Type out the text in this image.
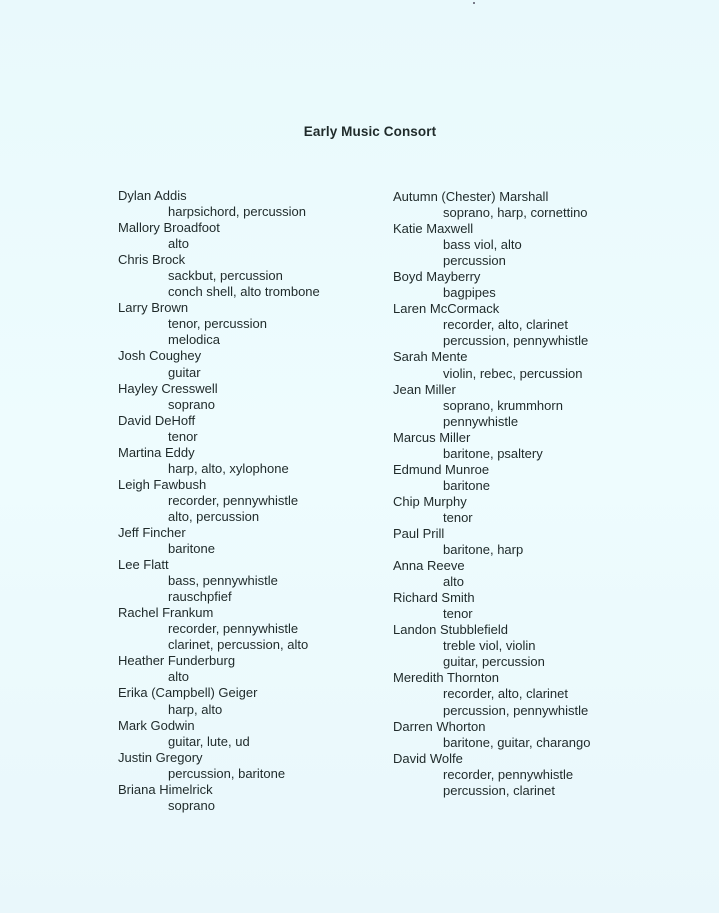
Early Music Consort
Dylan Addis
harpsichord, percussion
Mallory Broadfoot
alto
Chris Brock
sackbut, percussion
conch shell, alto trombone
Larry Brown
tenor, percussion
melodica
Josh Coughey
guitar
Hayley Cresswell
soprano
David DeHoff
tenor
Martina Eddy
harp, alto, xylophone
Leigh Fawbush
recorder, pennywhistle
alto, percussion
Jeff Fincher
baritone
Lee Flatt
bass, pennywhistle
rauschpfief
Rachel Frankum
recorder, pennywhistle
clarinet, percussion, alto
Heather Funderburg
alto
Erika (Campbell) Geiger
harp, alto
Mark Godwin
guitar, lute, ud
Justin Gregory
percussion, baritone
Briana Himelrick
soprano
Autumn (Chester) Marshall
soprano, harp, cornettino
Katie Maxwell
bass viol, alto
percussion
Boyd Mayberry
bagpipes
Laren McCormack
recorder, alto, clarinet
percussion, pennywhistle
Sarah Mente
violin, rebec, percussion
Jean Miller
soprano, krummhorn
pennywhistle
Marcus Miller
baritone, psaltery
Edmund Munroe
baritone
Chip Murphy
tenor
Paul Prill
baritone, harp
Anna Reeve
alto
Richard Smith
tenor
Landon Stubblefield
treble viol, violin
guitar, percussion
Meredith Thornton
recorder, alto, clarinet
percussion, pennywhistle
Darren Whorton
baritone, guitar, charango
David Wolfe
recorder, pennywhistle
percussion, clarinet
